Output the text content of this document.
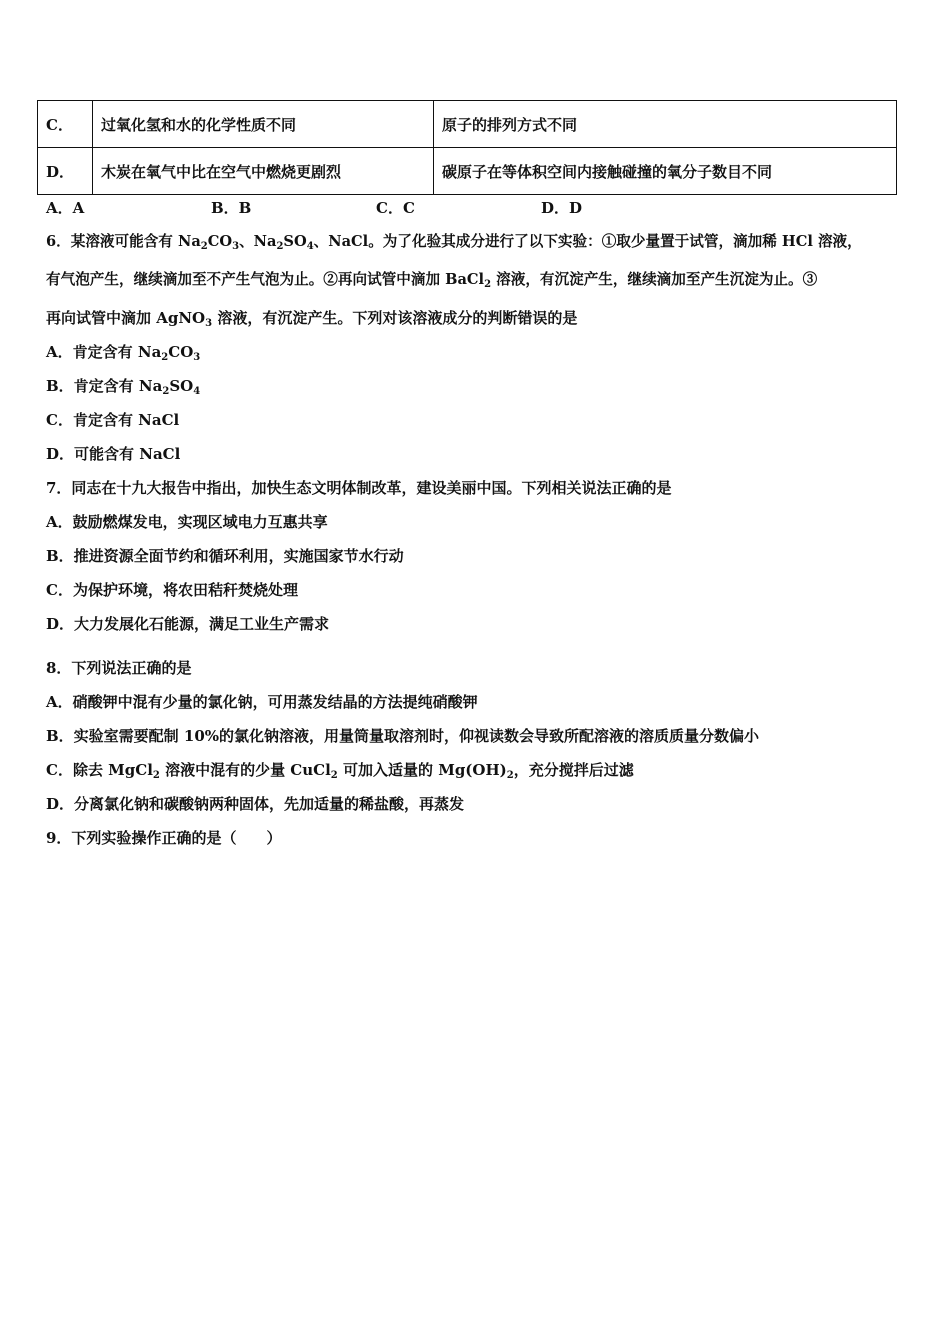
C．	过氧化氢和水的化学性质不同	原子的排列方式不同
D．	木炭在氧气中比在空气中燃烧更剧烈	碳原子在等体积空间内接触碰撞的氧分子数目不同
A．A	B．B	C．C	D．D
6．某溶液可能含有 $Na_2CO_3$、$Na_2SO_4$、NaCl。为了化验其成分进行了以下实验：①取少量置于试管，滴加稀 HCl 溶液，
有气泡产生，继续滴加至不产生气泡为止。②再向试管中滴加 BaCl$_2$ 溶液，有沉淀产生，继续滴加至产生沉淀为止。③
再向试管中滴加 AgNO$_3$ 溶液，有沉淀产生。下列对该溶液成分的判断错误的是
A．肯定含有 $Na_2CO_3$
B．肯定含有 $Na_2SO_4$
C．肯定含有 NaCl
D．可能含有 NaCl
7．同志在十九大报告中指出，加快生态文明体制改革，建设美丽中国。下列相关说法正确的是
A．鼓励燃煤发电，实现区域电力互惠共享
B．推进资源全面节约和循环利用，实施国家节水行动
C．为保护环境，将农田秸秆焚烧处理
D．大力发展化石能源，满足工业生产需求
8．下列说法正确的是
A．硝酸钾中混有少量的氯化钠，可用蒸发结晶的方法提纯硝酸钾
B．实验室需要配制 10%的氯化钠溶液，用量筒量取溶剂时，仰视读数会导致所配溶液的溶质质量分数偏小
C．除去 MgCl$_2$ 溶液中混有的少量 CuCl$_2$ 可加入适量的 $Mg(OH)_2$，充分搅拌后过滤
D．分离氯化钠和碳酸钠两种固体，先加适量的稀盐酸，再蒸发
9．下列实验操作正确的是（　　）
